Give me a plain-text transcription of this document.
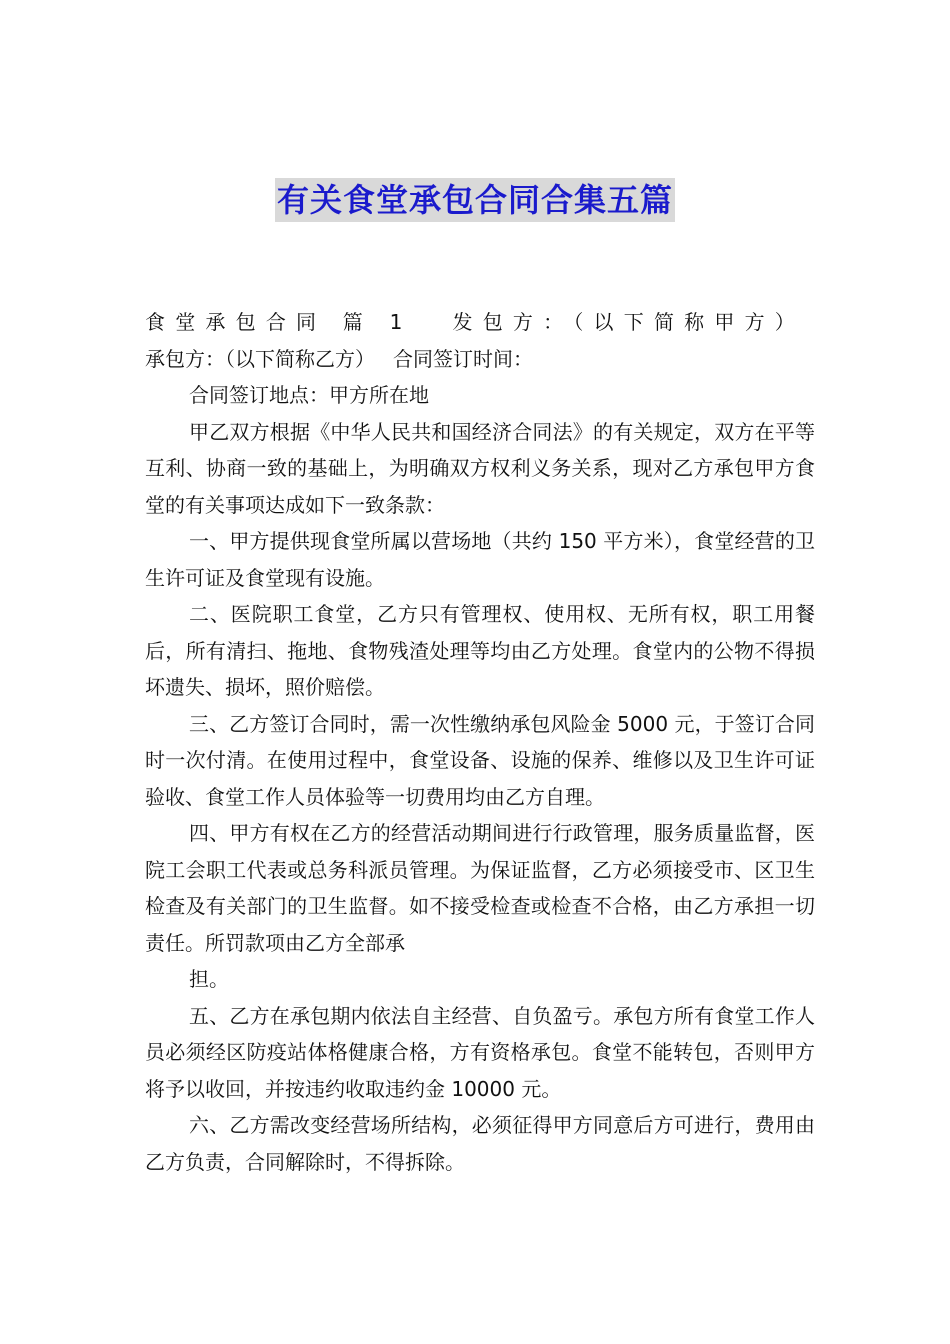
有关食堂承包合同合集五篇

食堂承包合同 篇 1 发包方：（以下简称甲方）承包方：（以下简称乙方） 合同签订时间：

合同签订地点：甲方所在地

甲乙双方根据《中华人民共和国经济合同法》的有关规定，双方在平等互利、协商一致的基础上，为明确双方权利义务关系，现对乙方承包甲方食堂的有关事项达成如下一致条款：

一、甲方提供现食堂所属以营场地（共约 150 平方米），食堂经营的卫生许可证及食堂现有设施。

二、医院职工食堂，乙方只有管理权、使用权、无所有权，职工用餐后，所有清扫、拖地、食物残渣处理等均由乙方处理。食堂内的公物不得损坏遗失、损坏，照价赔偿。

三、乙方签订合同时，需一次性缴纳承包风险金 5000 元，于签订合同时一次付清。在使用过程中，食堂设备、设施的保养、维修以及卫生许可证验收、食堂工作人员体验等一切费用均由乙方自理。

四、甲方有权在乙方的经营活动期间进行行政管理，服务质量监督，医院工会职工代表或总务科派员管理。为保证监督，乙方必须接受市、区卫生检查及有关部门的卫生监督。如不接受检查或检查不合格，由乙方承担一切责任。所罚款项由乙方全部承

担。

五、乙方在承包期内依法自主经营、自负盈亏。承包方所有食堂工作人员必须经区防疫站体格健康合格，方有资格承包。食堂不能转包，否则甲方将予以收回，并按违约收取违约金 10000 元。

六、乙方需改变经营场所结构，必须征得甲方同意后方可进行，费用由乙方负责，合同解除时，不得拆除。
